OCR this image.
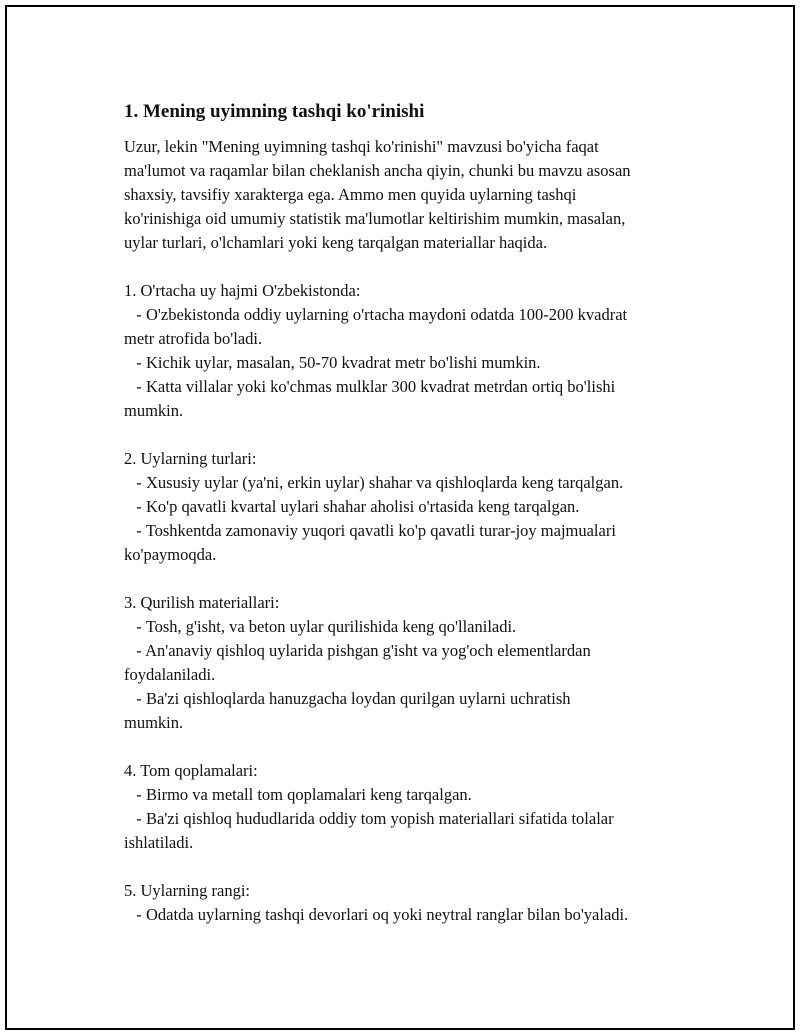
1. Mening uyimning tashqi ko'rinishi
Uzur, lekin "Mening uyimning tashqi ko'rinishi" mavzusi bo'yicha faqat
ma'lumot va raqamlar bilan cheklanish ancha qiyin, chunki bu mavzu asosan
shaxsiy, tavsifiy xarakterga ega. Ammo men quyida uylarning tashqi
ko'rinishiga oid umumiy statistik ma'lumotlar keltirishim mumkin, masalan,
uylar turlari, o'lchamlari yoki keng tarqalgan materiallar haqida.

1. O'rtacha uy hajmi O'zbekistonda:
- O'zbekistonda oddiy uylarning o'rtacha maydoni odatda 100-200 kvadrat
metr atrofida bo'ladi.
- Kichik uylar, masalan, 50-70 kvadrat metr bo'lishi mumkin.
- Katta villalar yoki ko'chmas mulklar 300 kvadrat metrdan ortiq bo'lishi
mumkin.

2. Uylarning turlari:
- Xususiy uylar (ya'ni, erkin uylar) shahar va qishloqlarda keng tarqalgan.
- Ko'p qavatli kvartal uylari shahar aholisi o'rtasida keng tarqalgan.
- Toshkentda zamonaviy yuqori qavatli ko'p qavatli turar-joy majmualari
ko'paymoqda.

3. Qurilish materiallari:
- Tosh, g'isht, va beton uylar qurilishida keng qo'llaniladi.
- An'anaviy qishloq uylarida pishgan g'isht va yog'och elementlardan
foydalaniladi.
- Ba'zi qishloqlarda hanuzgacha loydan qurilgan uylarni uchratish
mumkin.

4. Tom qoplamalari:
- Birmo va metall tom qoplamalari keng tarqalgan.
- Ba'zi qishloq hududlarida oddiy tom yopish materiallari sifatida tolalar
ishlatiladi.

5. Uylarning rangi:
- Odatda uylarning tashqi devorlari oq yoki neytral ranglar bilan bo'yaladi.
